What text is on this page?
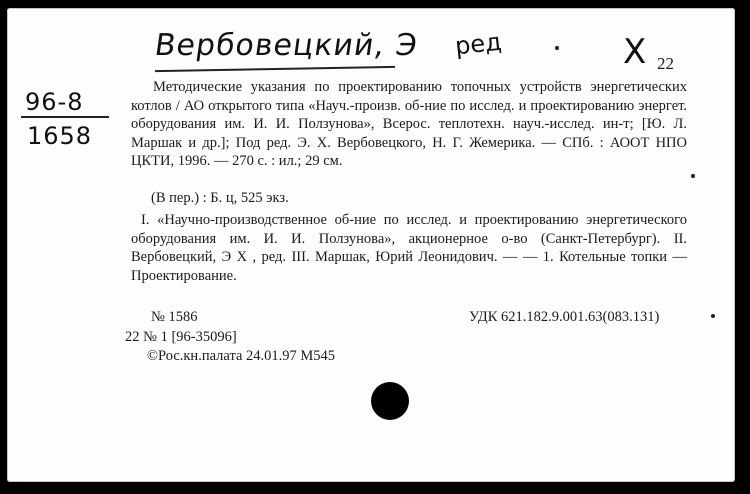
Вербовецкий, Э ред	Х 22
96-8
1658
Методические указания по проектированию топочных устройств энергетических котлов / АО открытого типа «Науч.-произв. об-ние по исслед. и проектированию энергет. оборудования им. И. И. Ползунова», Всерос. теплотехн. науч.-исслед. ин-т; [Ю. Л. Маршак и др.]; Под ред. Э. Х. Вербовецкого, Н. Г. Жемерика. — СПб. : АООТ НПО ЦКТИ, 1996. — 270 с. : ил.; 29 см.
(В пер.) : Б. ц, 525 экз.
I. «Научно-производственное об-ние по исслед. и проектированию энергетического оборудования им. И. И. Ползунова», акционерное о-во (Санкт-Петербург). II. Вербовецкий, Э Х , ред. III. Маршак, Юрий Леонидович. — — 1. Котельные топки — Проектирование.
№ 1586	УДК 621.182.9.001.63(083.131)
22 № 1 [96-35096]
©Рос.кн.палата 24.01.97 М545
